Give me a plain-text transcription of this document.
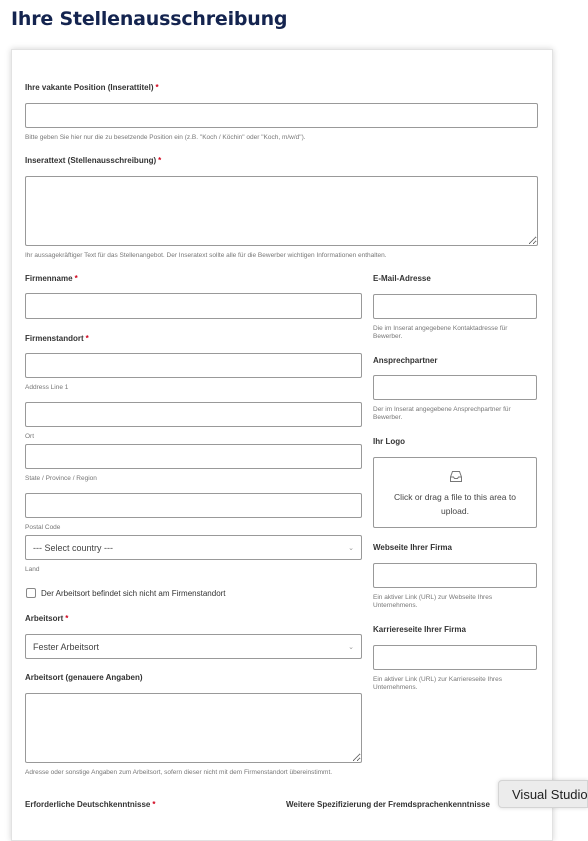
Ihre Stellenausschreibung
Ihre vakante Position (Inserattitel) *
Bitte geben Sie hier nur die zu besetzende Position ein (z.B. "Koch / Köchin" oder "Koch, m/w/d").
Inserattext (Stellenausschreibung) *
Ihr aussagekräftiger Text für das Stellenangebot. Der Inseratext sollte alle für die Bewerber wichtigen Informationen enthalten.
Firmenname *
Firmenstandort *
Address Line 1
Ort
State / Province / Region
Postal Code
--- Select country ---	⌄
Land
Der Arbeitsort befindet sich nicht am Firmenstandort
Arbeitsort *
Fester Arbeitsort	⌄
Arbeitsort (genauere Angaben)
Adresse oder sonstige Angaben zum Arbeitsort, sofern dieser nicht mit dem Firmenstandort übereinstimmt.
Erforderliche Deutschkenntnisse *	Weitere Spezifizierung der Fremdsprachenkenntnisse
E-Mail-Adresse
Die im Inserat angegebene Kontaktadresse für Bewerber.
Ansprechpartner
Der im Inserat angegebene Ansprechpartner für Bewerber.
Ihr Logo
Click or drag a file to this area to upload.
Webseite Ihrer Firma
Ein aktiver Link (URL) zur Webseite Ihres Unternehmens.
Karriereseite Ihrer Firma
Ein aktiver Link (URL) zur Karriereseite Ihres Unternehmens.
Visual Studio
